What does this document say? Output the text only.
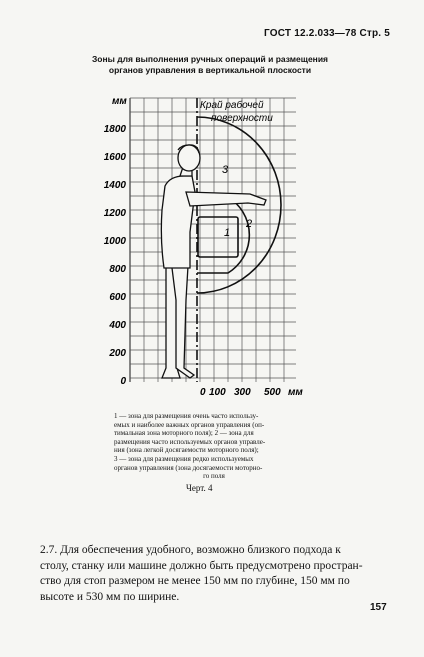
ГОСТ 12.2.033—78 Стр. 5
Зоны для выполнения ручных операций и размещения
органов управления в вертикальной плоскости
мм
1800
1600
1400
1200
1000
800
600
400
200
0
0 100 300 500 мм
Край рабочей
поверхности
1
2
3
1 — зона для размещения очень часто использу-
емых и наиболее важных органов управления (оп-
тимальная зона моторного поля); 2 — зона для
размещения часто используемых органов управле-
ния (зона легкой досягаемости моторного поля);
3 — зона для размещения редко используемых
органов управления (зона досягаемости моторно-
го поля
Черт. 4
2.7. Для обеспечения удобного, возможно близкого подхода к
столу, станку или машине должно быть предусмотрено простран-
ство для стоп размером не менее 150 мм по глубине, 150 мм по
высоте и 530 мм по ширине.
157
